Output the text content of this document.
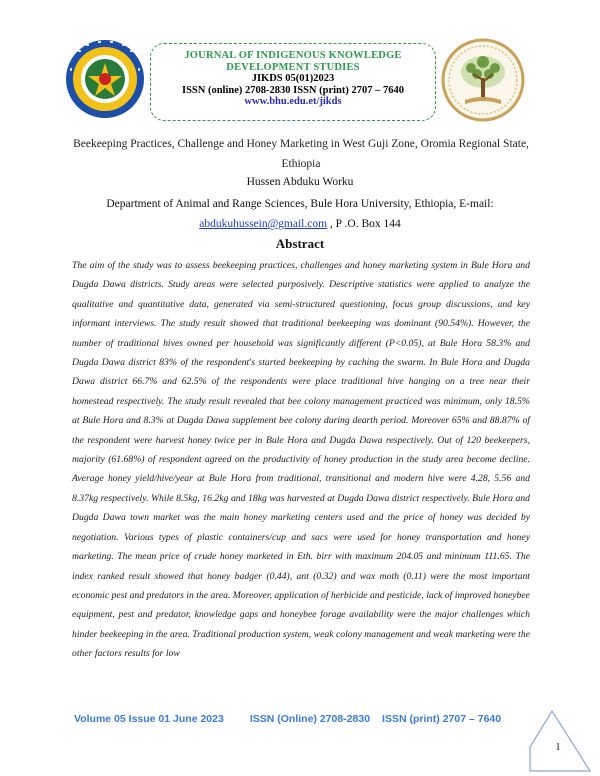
JOURNAL OF INDIGENOUS KNOWLEDGE
DEVELOPMENT STUDIES
JIKDS 05(01)2023
ISSN (online) 2708-2830 ISSN (print) 2707 – 7640
www.bhu.edu.et/jikds
Beekeeping Practices, Challenge and Honey Marketing in West Guji Zone, Oromia Regional State, Ethiopia
Hussen Abduku Worku
Department of Animal and Range Sciences, Bule Hora University, Ethiopia, E-mail:
abdukuhussein@gmail.com , P .O. Box 144
Abstract
The aim of the study was to assess beekeeping practices, challenges and honey marketing system in Bule Hora and Dugda Dawa districts. Study areas were selected purposively. Descriptive statistics were applied to analyze the qualitative and quantitative data, generated via semi-structured questioning, focus group discussions, and key informant interviews. The study result showed that traditional beekeeping was dominant (90.54%). However, the number of traditional hives owned per household was significantly different (P<0.05), at Bule Hora 58.3% and Dugda Dawa district 83% of the respondent's started beekeeping by caching the swarm. In Bule Hora and Dugda Dawa district 66.7% and 62.5% of the respondents were place traditional hive hanging on a tree near their homestead respectively. The study result revealed that bee colony management practiced was minimum, only 18.5% at Bule Hora and 8.3% at Dugda Dawa supplement bee colony during dearth period. Moreover 65% and 88.87% of the respondent were harvest honey twice per in Bule Hora and Dugda Dawa respectively. Out of 120 beekeepers, majority (61.68%) of respondent agreed on the productivity of honey production in the study area become decline. Average honey yield/hive/year at Bule Hora from traditional, transitional and modern hive were 4.28, 5.56 and 8.37kg respectively. While 8.5kg, 16.2kg and 18kg was harvested at Dugda Dawa district respectively. Bule Hora and Dugda Dawa town market was the main honey marketing centers used and the price of honey was decided by negotiation. Various types of plastic containers/cup and sacs were used for honey transportation and honey marketing. The mean price of crude honey marketed in Eth. birr with maximum 204.05 and minimum 111.65. The index ranked result showed that honey badger (0.44), ant (0.32) and wax moth (0.11) were the most important economic pest and predators in the area. Moreover, application of herbicide and pesticide, lack of improved honeybee equipment, pest and predator, knowledge gaps and honeybee forage availability were the major challenges which hinder beekeeping in the area. Traditional production system, weak colony management and weak marketing were the other factors results for low
Volume 05 Issue 01 June 2023 ISSN (Online) 2708-2830 ISSN (print) 2707 – 7640
1
